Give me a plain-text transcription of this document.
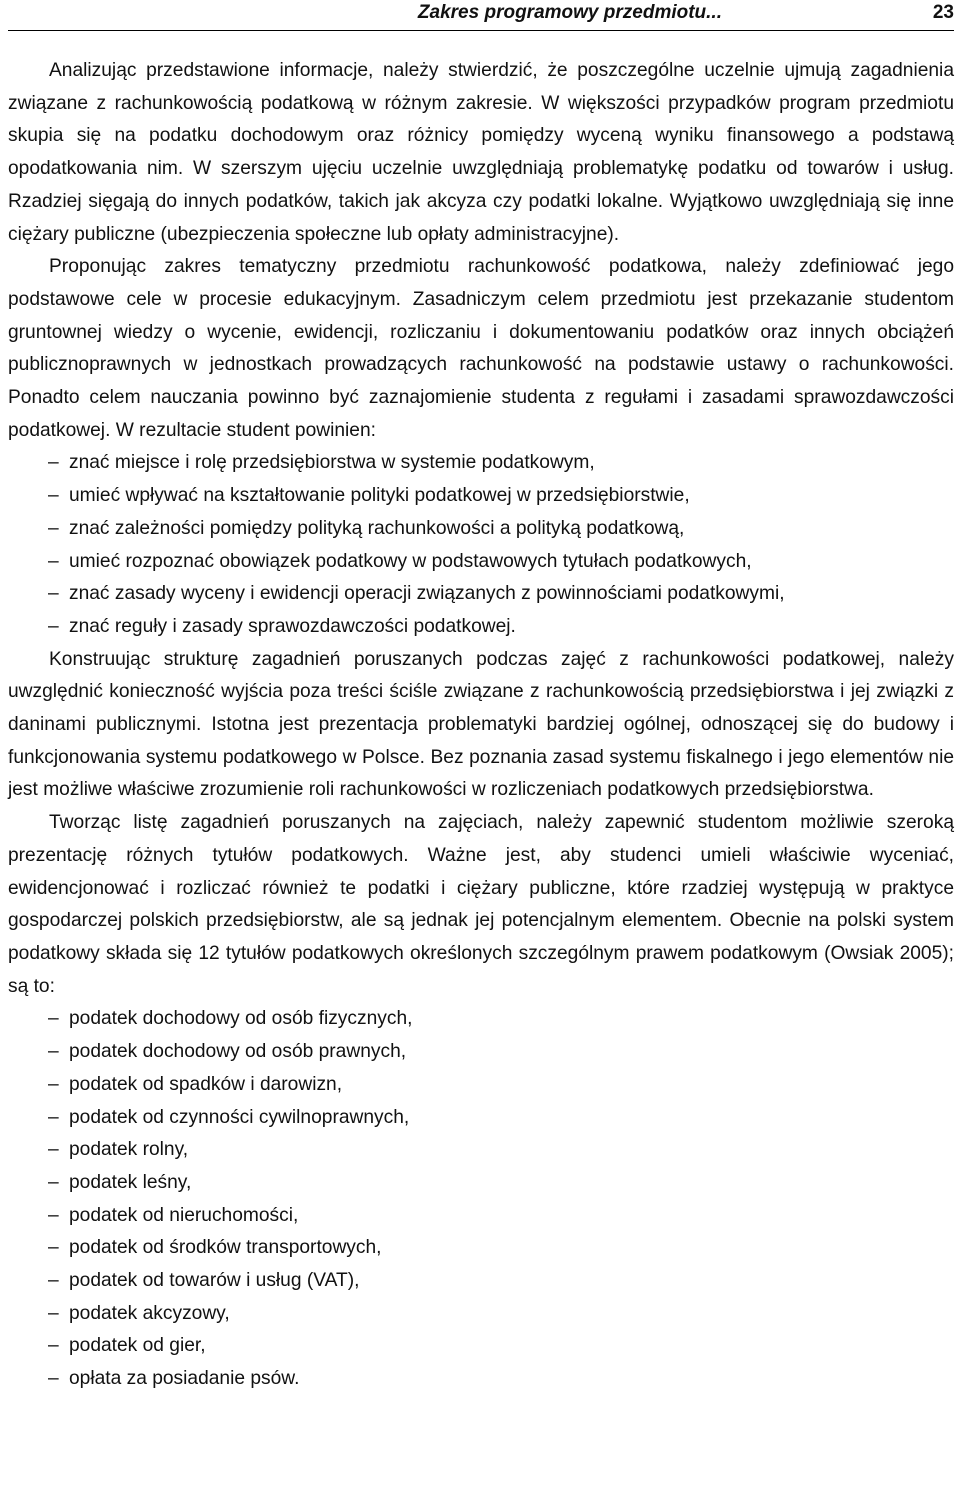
Zakres programowy przedmiotu...	23

Analizując przedstawione informacje, należy stwierdzić, że poszczególne uczelnie ujmują zagadnienia związane z rachunkowością podatkową w różnym zakresie. W większości przypadków program przedmiotu skupia się na podatku dochodowym oraz różnicy pomiędzy wyceną wyniku finansowego a podstawą opodatkowania nim. W szerszym ujęciu uczelnie uwzględniają problematykę podatku od towarów i usług. Rzadziej sięgają do innych podatków, takich jak akcyza czy podatki lokalne. Wyjątkowo uwzględniają się inne ciężary publiczne (ubezpieczenia społeczne lub opłaty administracyjne).

Proponując zakres tematyczny przedmiotu rachunkowość podatkowa, należy zdefiniować jego podstawowe cele w procesie edukacyjnym. Zasadniczym celem przedmiotu jest przekazanie studentom gruntownej wiedzy o wycenie, ewidencji, rozliczaniu i dokumentowaniu podatków oraz innych obciążeń publicznoprawnych w jednostkach prowadzących rachunkowość na podstawie ustawy o rachunkowości. Ponadto celem nauczania powinno być zaznajomienie studenta z regułami i zasadami sprawozdawczości podatkowej. W rezultacie student powinien:

– znać miejsce i rolę przedsiębiorstwa w systemie podatkowym,
– umieć wpływać na kształtowanie polityki podatkowej w przedsiębiorstwie,
– znać zależności pomiędzy polityką rachunkowości a polityką podatkową,
– umieć rozpoznać obowiązek podatkowy w podstawowych tytułach podatkowych,
– znać zasady wyceny i ewidencji operacji związanych z powinnościami podatkowymi,
– znać reguły i zasady sprawozdawczości podatkowej.

Konstruując strukturę zagadnień poruszanych podczas zajęć z rachunkowości podatkowej, należy uwzględnić konieczność wyjścia poza treści ściśle związane z rachunkowością przedsiębiorstwa i jej związki z daninami publicznymi. Istotna jest prezentacja problematyki bardziej ogólnej, odnoszącej się do budowy i funkcjonowania systemu podatkowego w Polsce. Bez poznania zasad systemu fiskalnego i jego elementów nie jest możliwe właściwe zrozumienie roli rachunkowości w rozliczeniach podatkowych przedsiębiorstwa.

Tworząc listę zagadnień poruszanych na zajęciach, należy zapewnić studentom możliwie szeroką prezentację różnych tytułów podatkowych. Ważne jest, aby studenci umieli właściwie wyceniać, ewidencjonować i rozliczać również te podatki i ciężary publiczne, które rzadziej występują w praktyce gospodarczej polskich przedsiębiorstw, ale są jednak jej potencjalnym elementem. Obecnie na polski system podatkowy składa się 12 tytułów podatkowych określonych szczególnym prawem podatkowym (Owsiak 2005); są to:

– podatek dochodowy od osób fizycznych,
– podatek dochodowy od osób prawnych,
– podatek od spadków i darowizn,
– podatek od czynności cywilnoprawnych,
– podatek rolny,
– podatek leśny,
– podatek od nieruchomości,
– podatek od środków transportowych,
– podatek od towarów i usług (VAT),
– podatek akcyzowy,
– podatek od gier,
– opłata za posiadanie psów.
